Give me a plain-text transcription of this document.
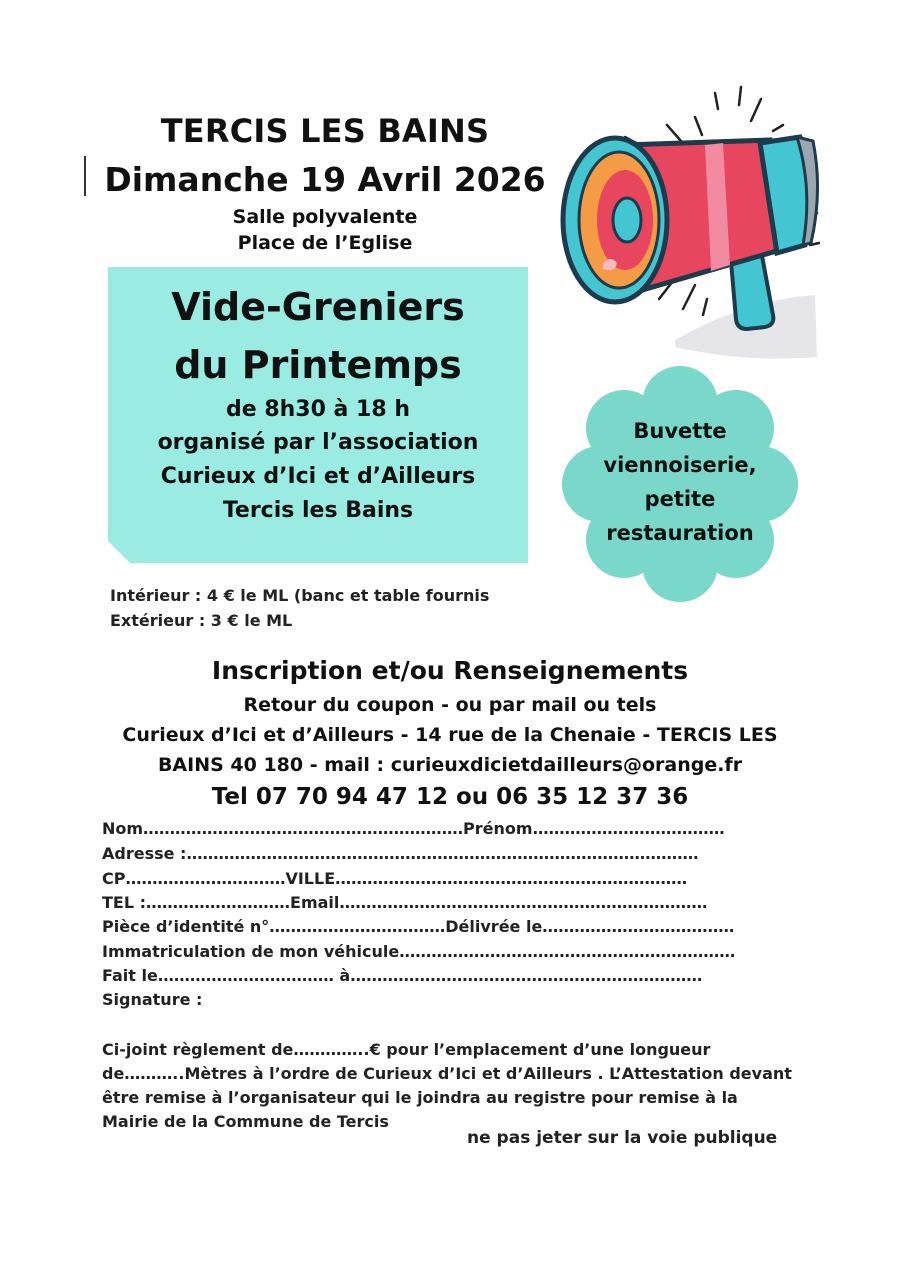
TERCIS LES BAINS
Dimanche 19 Avril 2026
Salle polyvalente
Place de l’Eglise
Vide-Greniers
du Printemps
de 8h30 à 18 h
organisé par l’association
Curieux d’Ici et d’Ailleurs
Tercis les Bains
Buvette
viennoiserie,
petite
restauration
Intérieur : 4 € le ML (banc et table fournis
Extérieur : 3 € le ML
Inscription et/ou Renseignements
Retour du coupon - ou par mail ou tels
Curieux d’Ici et d’Ailleurs - 14 rue de la Chenaie - TERCIS LES
BAINS 40 180 - mail : curieuxdicietdailleurs@orange.fr
Tel 07 70 94 47 12 ou 06 35 12 37 36
Nom……………………………………………………Prénom………………………………
Adresse :……………………………………………………………………………………
CP…………………………VILLE…………………………………………………………
TEL :………………………Email……………………………………………………………
Pièce d’identité n°……………………………Délivrée le………………………………
Immatriculation de mon véhicule………………………………………………………
Fait le…………………………… à…………………………………………………………
Signature :
Ci-joint règlement de…………..€ pour l’emplacement d’une longueur
de………..Mètres à l’ordre de Curieux d’Ici et d’Ailleurs . L’Attestation devant
être remise à l’organisateur qui le joindra au registre pour remise à la
Mairie de la Commune de Tercis
ne pas jeter sur la voie publique
